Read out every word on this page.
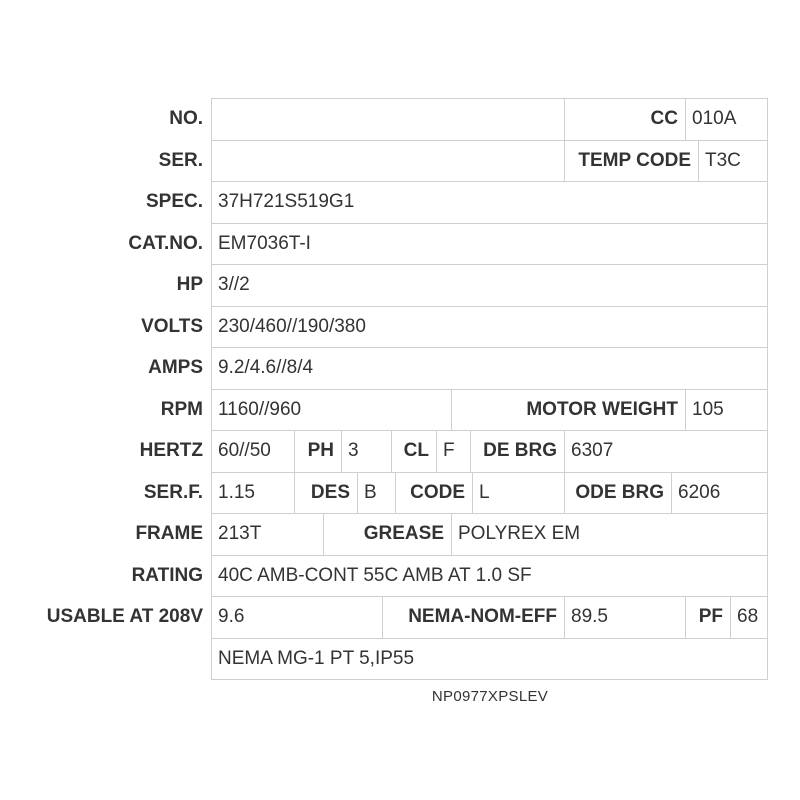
NO.	CC 010A
SER.	TEMP CODE T3C
SPEC. 37H721S519G1
CAT.NO. EM7036T-I
HP 3//2
VOLTS 230/460//190/380
AMPS 9.2/4.6//8/4
RPM 1160//960	MOTOR WEIGHT 105
HERTZ 60//50	PH 3	CL F	DE BRG 6307
SER.F. 1.15	DES B	CODE L	ODE BRG 6206
FRAME 213T	GREASE POLYREX EM
RATING 40C AMB-CONT 55C AMB AT 1.0 SF
USABLE AT 208V 9.6	NEMA-NOM-EFF 89.5	PF 68
NEMA MG-1 PT 5,IP55
NP0977XPSLEV
